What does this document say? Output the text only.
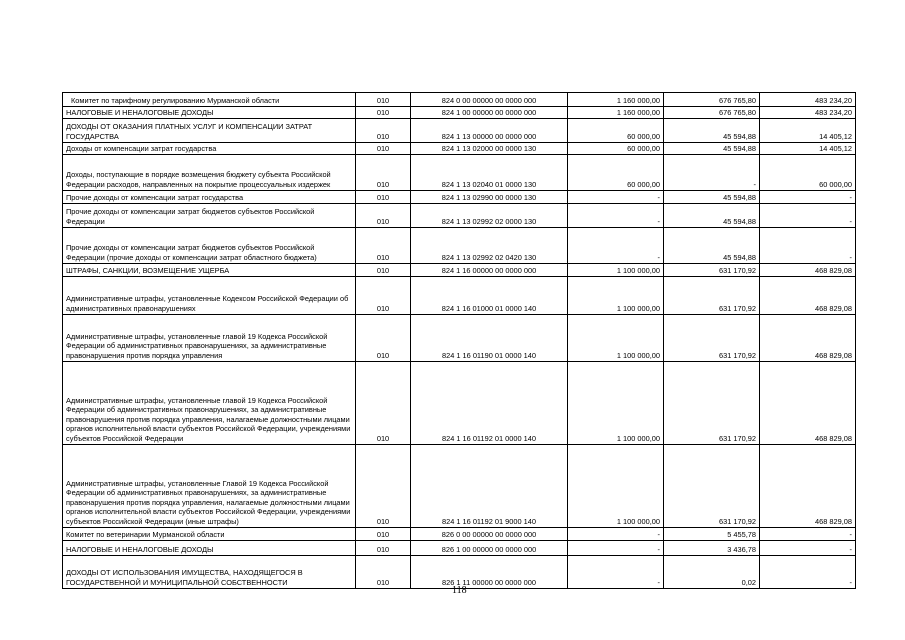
Комитет по тарифному регулированию Мурманской области	010	824 0 00 00000 00 0000 000	1 160 000,00	676 765,80	483 234,20
НАЛОГОВЫЕ И НЕНАЛОГОВЫЕ ДОХОДЫ	010	824 1 00 00000 00 0000 000	1 160 000,00	676 765,80	483 234,20
ДОХОДЫ ОТ ОКАЗАНИЯ ПЛАТНЫХ УСЛУГ И КОМПЕНСАЦИИ ЗАТРАТ ГОСУДАРСТВА	010	824 1 13 00000 00 0000 000	60 000,00	45 594,88	14 405,12
Доходы от компенсации затрат государства	010	824 1 13 02000 00 0000 130	60 000,00	45 594,88	14 405,12
Доходы, поступающие в порядке возмещения бюджету субъекта Российской Федерации расходов, направленных на покрытие процессуальных издержек	010	824 1 13 02040 01 0000 130	60 000,00	-	60 000,00
Прочие доходы от компенсации затрат государства	010	824 1 13 02990 00 0000 130	-	45 594,88	-
Прочие доходы от компенсации затрат бюджетов субъектов Российской Федерации	010	824 1 13 02992 02 0000 130	-	45 594,88	-
Прочие доходы от компенсации затрат бюджетов субъектов Российской Федерации (прочие доходы от компенсации затрат областного бюджета)	010	824 1 13 02992 02 0420 130	-	45 594,88	-
ШТРАФЫ, САНКЦИИ, ВОЗМЕЩЕНИЕ УЩЕРБА	010	824 1 16 00000 00 0000 000	1 100 000,00	631 170,92	468 829,08
Административные штрафы, установленные Кодексом Российской Федерации об административных правонарушениях	010	824 1 16 01000 01 0000 140	1 100 000,00	631 170,92	468 829,08
Административные штрафы, установленные главой 19 Кодекса Российской Федерации об административных правонарушениях, за административные правонарушения против порядка управления	010	824 1 16 01190 01 0000 140	1 100 000,00	631 170,92	468 829,08
Административные штрафы, установленные главой 19 Кодекса Российской Федерации об административных правонарушениях, за административные правонарушения против порядка управления, налагаемые должностными лицами органов исполнительной власти субъектов Российской Федерации, учреждениями субъектов Российской Федерации	010	824 1 16 01192 01 0000 140	1 100 000,00	631 170,92	468 829,08
Административные штрафы, установленные Главой 19 Кодекса Российской Федерации об административных правонарушениях, за административные правонарушения против порядка управления, налагаемые должностными лицами органов исполнительной власти субъектов Российской Федерации, учреждениями субъектов Российской Федерации (иные штрафы)	010	824 1 16 01192 01 9000 140	1 100 000,00	631 170,92	468 829,08
Комитет по ветеринарии Мурманской области	010	826 0 00 00000 00 0000 000	-	5 455,78	-
НАЛОГОВЫЕ И НЕНАЛОГОВЫЕ ДОХОДЫ	010	826 1 00 00000 00 0000 000	-	3 436,78	-
ДОХОДЫ ОТ ИСПОЛЬЗОВАНИЯ ИМУЩЕСТВА, НАХОДЯЩЕГОСЯ В ГОСУДАРСТВЕННОЙ И МУНИЦИПАЛЬНОЙ СОБСТВЕННОСТИ	010	826 1 11 00000 00 0000 000	-	0,02	-
118
